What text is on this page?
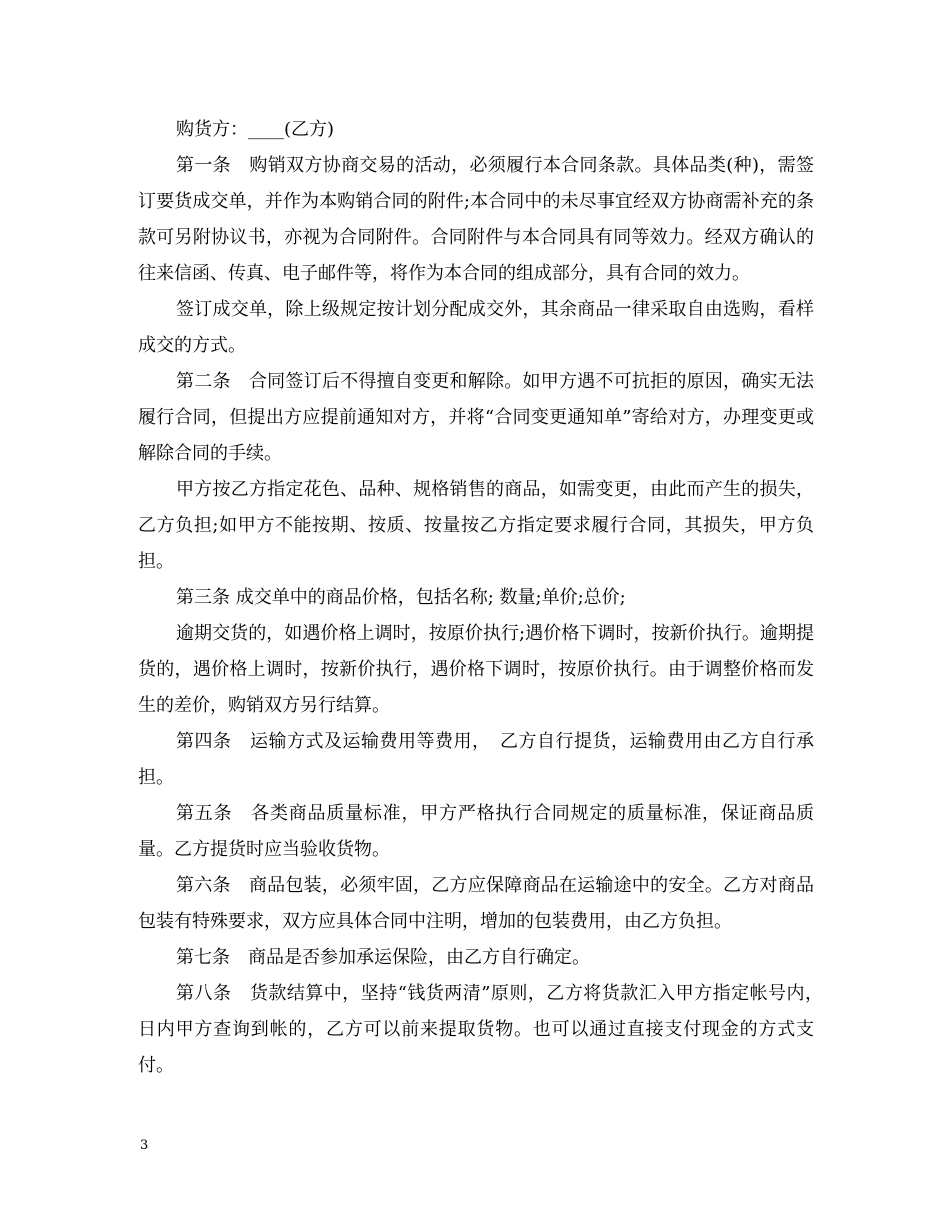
购货方：____(乙方)

第一条　购销双方协商交易的活动，必须履行本合同条款。具体品类(种)，需签订要货成交单，并作为本购销合同的附件;本合同中的未尽事宜经双方协商需补充的条款可另附协议书，亦视为合同附件。合同附件与本合同具有同等效力。经双方确认的往来信函、传真、电子邮件等，将作为本合同的组成部分，具有合同的效力。

签订成交单，除上级规定按计划分配成交外，其余商品一律采取自由选购，看样成交的方式。

第二条　合同签订后不得擅自变更和解除。如甲方遇不可抗拒的原因，确实无法履行合同，但提出方应提前通知对方，并将“合同变更通知单”寄给对方，办理变更或解除合同的手续。

甲方按乙方指定花色、品种、规格销售的商品，如需变更，由此而产生的损失，乙方负担;如甲方不能按期、按质、按量按乙方指定要求履行合同，其损失，甲方负担。

第三条 成交单中的商品价格，包括名称; 数量;单价;总价;

逾期交货的，如遇价格上调时，按原价执行;遇价格下调时，按新价执行。逾期提货的，遇价格上调时，按新价执行，遇价格下调时，按原价执行。由于调整价格而发生的差价，购销双方另行结算。

第四条　运输方式及运输费用等费用，　乙方自行提货，运输费用由乙方自行承担。

第五条　各类商品质量标准，甲方严格执行合同规定的质量标准，保证商品质量。乙方提货时应当验收货物。

第六条　商品包装，必须牢固，乙方应保障商品在运输途中的安全。乙方对商品包装有特殊要求，双方应具体合同中注明，增加的包装费用，由乙方负担。

第七条　商品是否参加承运保险，由乙方自行确定。

第八条　货款结算中，坚持“钱货两清”原则，乙方将货款汇入甲方指定帐号内，　日内甲方查询到帐的，乙方可以前来提取货物。也可以通过直接支付现金的方式支付。

3
